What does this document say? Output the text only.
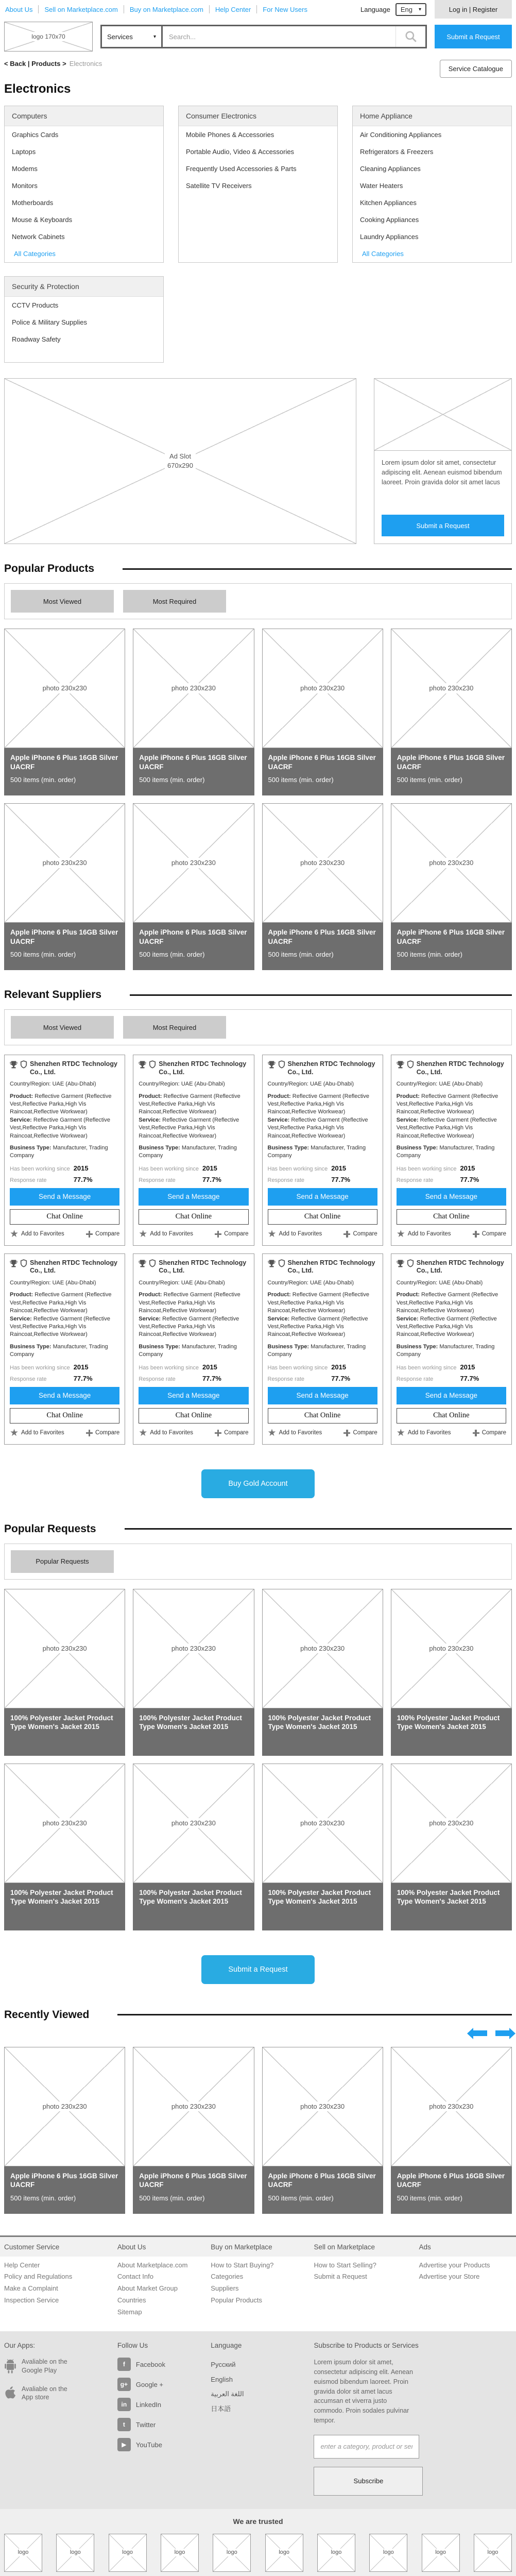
About Us	Sell on Marketplace.com	Buy on Marketplace.com	Help Center	For New Users	Language	Eng ▾	Log in | Register
logo 170x70	Services	▾
Search...	Submit a Request
< Back | Products > Electronics
Service Catalogue
Electronics
Computers
Graphics Cards
Laptops
Modems
Monitors
Motherboards
Mouse & Keyboards
Network Cabinets
All Categories
Consumer Electronics
Mobile Phones & Accessories
Portable Audio, Video & Accessories
Frequently Used Accessories & Parts
Satellite TV Receivers
Home Appliance
Air Conditioning Appliances
Refrigerators & Freezers
Cleaning Appliances
Water Heaters
Kitchen Appliances
Cooking Appliances
Laundry Appliances
All Categories
Security & Protection
CCTV Products
Police & Military Supplies
Roadway Safety
Ad Slot
670x290	Lorem ipsum dolor sit amet, consectetur adipiscing elit. Aenean euismod bibendum laoreet. Proin gravida dolor sit amet lacus
Submit a Request
Popular Products
Most Viewed	Most Required
photo 230x230
Apple iPhone 6 Plus 16GB Silver UACRF
500 items (min. order)
photo 230x230
Apple iPhone 6 Plus 16GB Silver UACRF
500 items (min. order)
photo 230x230
Apple iPhone 6 Plus 16GB Silver UACRF
500 items (min. order)
photo 230x230
Apple iPhone 6 Plus 16GB Silver UACRF
500 items (min. order)
photo 230x230
Apple iPhone 6 Plus 16GB Silver UACRF
500 items (min. order)
photo 230x230
Apple iPhone 6 Plus 16GB Silver UACRF
500 items (min. order)
photo 230x230
Apple iPhone 6 Plus 16GB Silver UACRF
500 items (min. order)
photo 230x230
Apple iPhone 6 Plus 16GB Silver UACRF
500 items (min. order)
Relevant Suppliers
Most Viewed	Most Required
Shenzhen RTDC Technology Co., Ltd.
Country/Region: UAE (Abu-Dhabi)
Product: Reflective Garment (Reflective Vest,Reflective Parka,High Vis Raincoat,Reflective Workwear)
Service: Reflective Garment (Reflective Vest,Reflective Parka,High Vis Raincoat,Reflective Workwear)
Business Type: Manufacturer, Trading Company
Has been working since 2015
Response rate	77.7%
Send a Message
Chat Online
★ Add to Favorites	Compare
Shenzhen RTDC Technology Co., Ltd.
Country/Region: UAE (Abu-Dhabi)
Product: Reflective Garment (Reflective Vest,Reflective Parka,High Vis Raincoat,Reflective Workwear)
Service: Reflective Garment (Reflective Vest,Reflective Parka,High Vis Raincoat,Reflective Workwear)
Business Type: Manufacturer, Trading Company
Has been working since 2015
Response rate	77.7%
Send a Message
Chat Online
★ Add to Favorites	Compare
Shenzhen RTDC Technology Co., Ltd.
Country/Region: UAE (Abu-Dhabi)
Product: Reflective Garment (Reflective Vest,Reflective Parka,High Vis Raincoat,Reflective Workwear)
Service: Reflective Garment (Reflective Vest,Reflective Parka,High Vis Raincoat,Reflective Workwear)
Business Type: Manufacturer, Trading Company
Has been working since 2015
Response rate	77.7%
Send a Message
Chat Online
★ Add to Favorites	Compare
Shenzhen RTDC Technology Co., Ltd.
Country/Region: UAE (Abu-Dhabi)
Product: Reflective Garment (Reflective Vest,Reflective Parka,High Vis Raincoat,Reflective Workwear)
Service: Reflective Garment (Reflective Vest,Reflective Parka,High Vis Raincoat,Reflective Workwear)
Business Type: Manufacturer, Trading Company
Has been working since 2015
Response rate	77.7%
Send a Message
Chat Online
★ Add to Favorites	Compare
Shenzhen RTDC Technology Co., Ltd.
Country/Region: UAE (Abu-Dhabi)
Product: Reflective Garment (Reflective Vest,Reflective Parka,High Vis Raincoat,Reflective Workwear)
Service: Reflective Garment (Reflective Vest,Reflective Parka,High Vis Raincoat,Reflective Workwear)
Business Type: Manufacturer, Trading Company
Has been working since 2015
Response rate	77.7%
Send a Message
Chat Online
★ Add to Favorites	Compare
Shenzhen RTDC Technology Co., Ltd.
Country/Region: UAE (Abu-Dhabi)
Product: Reflective Garment (Reflective Vest,Reflective Parka,High Vis Raincoat,Reflective Workwear)
Service: Reflective Garment (Reflective Vest,Reflective Parka,High Vis Raincoat,Reflective Workwear)
Business Type: Manufacturer, Trading Company
Has been working since 2015
Response rate	77.7%
Send a Message
Chat Online
★ Add to Favorites	Compare
Shenzhen RTDC Technology Co., Ltd.
Country/Region: UAE (Abu-Dhabi)
Product: Reflective Garment (Reflective Vest,Reflective Parka,High Vis Raincoat,Reflective Workwear)
Service: Reflective Garment (Reflective Vest,Reflective Parka,High Vis Raincoat,Reflective Workwear)
Business Type: Manufacturer, Trading Company
Has been working since 2015
Response rate	77.7%
Send a Message
Chat Online
★ Add to Favorites	Compare
Shenzhen RTDC Technology Co., Ltd.
Country/Region: UAE (Abu-Dhabi)
Product: Reflective Garment (Reflective Vest,Reflective Parka,High Vis Raincoat,Reflective Workwear)
Service: Reflective Garment (Reflective Vest,Reflective Parka,High Vis Raincoat,Reflective Workwear)
Business Type: Manufacturer, Trading Company
Has been working since 2015
Response rate	77.7%
Send a Message
Chat Online
★ Add to Favorites	Compare
Buy Gold Account
Popular Requests
Popular Requests
photo 230x230
100% Polyester Jacket Product Type Women's Jacket 2015
photo 230x230
100% Polyester Jacket Product Type Women's Jacket 2015
photo 230x230
100% Polyester Jacket Product Type Women's Jacket 2015
photo 230x230
100% Polyester Jacket Product Type Women's Jacket 2015
photo 230x230
100% Polyester Jacket Product Type Women's Jacket 2015
photo 230x230
100% Polyester Jacket Product Type Women's Jacket 2015
photo 230x230
100% Polyester Jacket Product Type Women's Jacket 2015
photo 230x230
100% Polyester Jacket Product Type Women's Jacket 2015
Submit a Request
Recently Viewed
photo 230x230
Apple iPhone 6 Plus 16GB Silver UACRF
500 items (min. order)
photo 230x230
Apple iPhone 6 Plus 16GB Silver UACRF
500 items (min. order)
photo 230x230
Apple iPhone 6 Plus 16GB Silver UACRF
500 items (min. order)
photo 230x230
Apple iPhone 6 Plus 16GB Silver UACRF
500 items (min. order)
Customer Service	About Us	Buy on Marketplace	Sell on Marketplace	Ads
Help Center
Policy and Regulations
Make a Complaint
Inspection Service
About Marketplace.com
Contact Info
About Market Group
Countries
Sitemap
How to Start Buying?
Categories
Suppliers
Popular Products
How to Start Selling?
Submit a Request
Advertise your Products
Advertise your Store
Our Apps:
Avaliable on the
Google Play
Avaliable on the
App store
Follow Us
f	Facebook
g+	Google +
in	LinkedIn
t	Twitter
▶	YouTube
Language
Русский
English
اللغة العربية
日本語
Subscribe to Products or Services
Lorem ipsum dolor sit amet, consectetur adipiscing elit. Aenean euismod bibendum laoreet. Proin gravida dolor sit amet lacus accumsan et viverra justo commodo. Proin sodales pulvinar tempor.
enter a category, product or service
Subscribe
We are trusted
logo	logo	logo	logo	logo	logo	logo	logo	logo	logo
